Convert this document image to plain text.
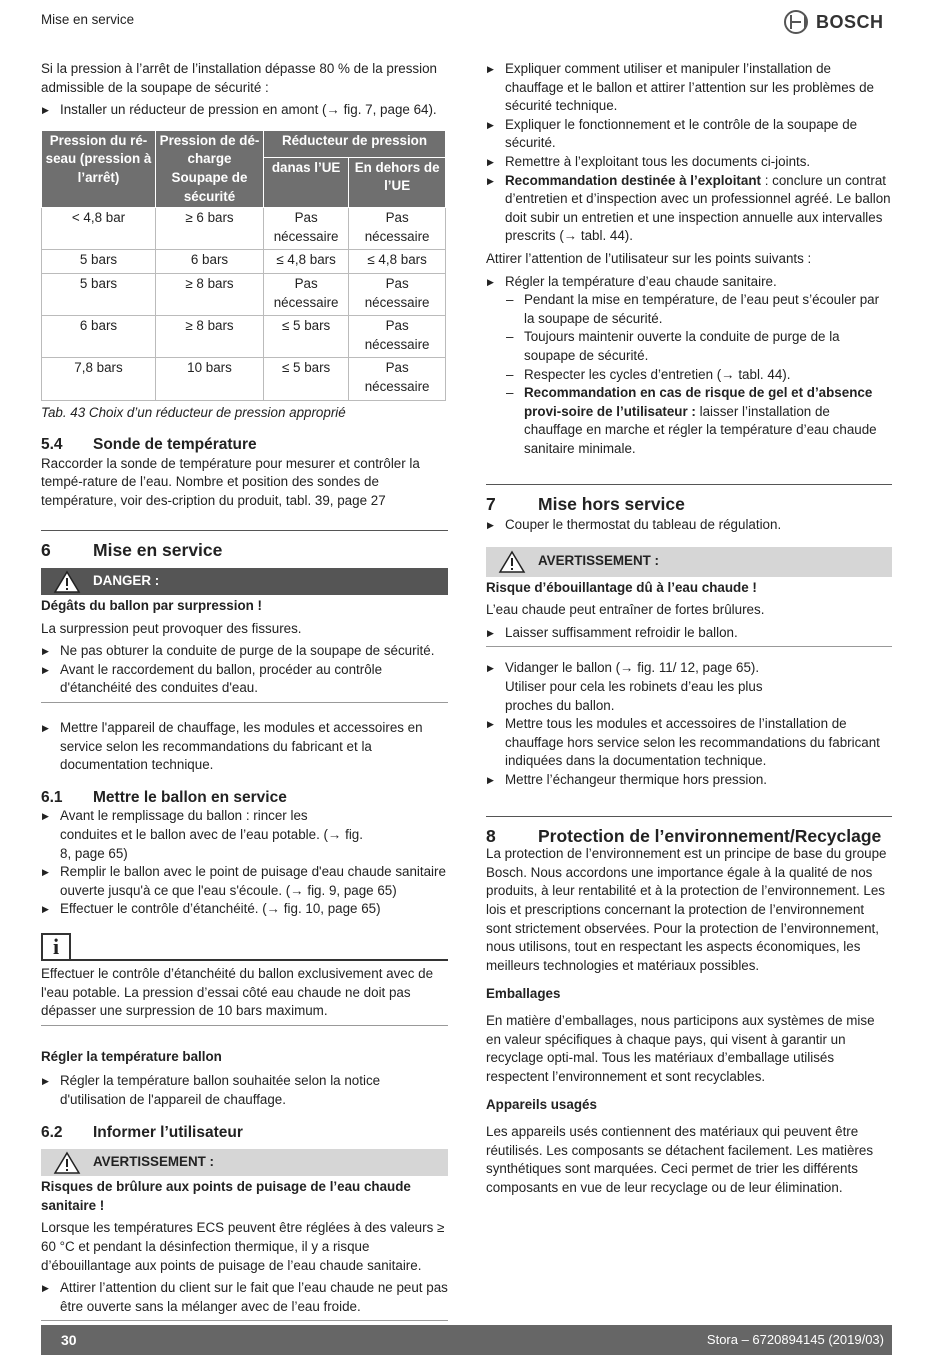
Mise en service	BOSCH

Si la pression à l’arrêt de l’installation dépasse 80 % de la pression admissible de la soupape de sécurité :

▶ Installer un réducteur de pression en amont (→ fig. 7, page 64).

Pression du ré-seau (pression à l’arrêt)	Pression de dé-charge Soupape de sécurité	Réducteur de pression	
		danas l’UE	En dehors de l’UE
< 4,8 bar	≥ 6 bars	Pas nécessaire	Pas nécessaire
5 bars	6 bars	≤ 4,8 bars	≤ 4,8 bars
5 bars	≥ 8 bars	Pas nécessaire	Pas nécessaire
6 bars	≥ 8 bars	≤ 5 bars	Pas nécessaire
7,8 bars	10 bars	≤ 5 bars	Pas nécessaire

Tab. 43 Choix d’un réducteur de pression approprié

5.4	Sonde de température

Raccorder la sonde de température pour mesurer et contrôler la tempé-rature de l’eau. Nombre et position des sondes de température, voir des-cription du produit, tabl. 39, page 27

6	Mise en service
DANGER :

Dégâts du ballon par surpression !

La surpression peut provoquer des fissures.

▶ Ne pas obturer la conduite de purge de la soupape de sécurité.

▶ Avant le raccordement du ballon, procéder au contrôle d'étanchéité des conduites d'eau.

▶ Mettre l'appareil de chauffage, les modules et accessoires en service selon les recommandations du fabricant et la documentation technique.

6.1	Mettre le ballon en service

▶ Avant le remplissage du ballon : rincer les conduites et le ballon avec de l’eau potable. (→ fig. 8, page 65)

▶ Remplir le ballon avec le point de puisage d'eau chaude sanitaire ouverte jusqu'à ce que l'eau s'écoule. (→ fig. 9, page 65)

▶ Effectuer le contrôle d’étanchéité. (→ fig. 10, page 65)

i

Effectuer le contrôle d’étanchéité du ballon exclusivement avec de l'eau potable. La pression d’essai côté eau chaude ne doit pas dépasser une surpression de 10 bars maximum.

Régler la température ballon

▶ Régler la température ballon souhaitée selon la notice d'utilisation de l'appareil de chauffage.

6.2	Informer l’utilisateur
AVERTISSEMENT :

Risques de brûlure aux points de puisage de l’eau chaude sanitaire !

Lorsque les températures ECS peuvent être réglées à des valeurs ≥ 60 °C et pendant la désinfection thermique, il y a risque d’ébouillantage aux points de puisage de l’eau chaude sanitaire.

▶ Attirer l’attention du client sur le fait que l’eau chaude ne peut pas être ouverte sans la mélanger avec de l’eau froide.

▶ Expliquer comment utiliser et manipuler l’installation de chauffage et le ballon et attirer l’attention sur les problèmes de sécurité technique.

▶ Expliquer le fonctionnement et le contrôle de la soupape de sécurité.

▶ Remettre à l’exploitant tous les documents ci-joints.

▶ Recommandation destinée à l’exploitant : conclure un contrat d’entretien et d’inspection avec un professionnel agréé. Le ballon doit subir un entretien et une inspection annuelle aux intervalles prescrits (→ tabl. 44).

Attirer l’attention de l’utilisateur sur les points suivants :

▶ Régler la température d’eau chaude sanitaire.

– Pendant la mise en température, de l’eau peut s’écouler par la soupape de sécurité.

– Toujours maintenir ouverte la conduite de purge de la soupape de sécurité.

– Respecter les cycles d’entretien (→ tabl. 44).

– Recommandation en cas de risque de gel et d’absence provi-soire de l’utilisateur : laisser l’installation de chauffage en marche et régler la température d’eau chaude sanitaire minimale.

7	Mise hors service

▶ Couper le thermostat du tableau de régulation.

AVERTISSEMENT :

Risque d’ébouillantage dû à l’eau chaude !

L’eau chaude peut entraîner de fortes brûlures.

▶ Laisser suffisamment refroidir le ballon.

▶ Vidanger le ballon (→ fig. 11/ 12, page 65). Utiliser pour cela les robinets d’eau les plus proches du ballon.

▶ Mettre tous les modules et accessoires de l’installation de chauffage hors service selon les recommandations du fabricant indiquées dans la documentation technique.

▶ Mettre l’échangeur thermique hors pression.

8	Protection de l’environnement/Recyclage

La protection de l’environnement est un principe de base du groupe Bosch. Nous accordons une importance égale à la qualité de nos produits, à leur rentabilité et à la protection de l’environnement. Les lois et prescriptions concernant la protection de l’environnement sont strictement observées. Pour la protection de l’environnement, nous utilisons, tout en respectant les aspects économiques, les meilleurs technologies et matériaux possibles.

Emballages

En matière d’emballages, nous participons aux systèmes de mise en valeur spécifiques à chaque pays, qui visent à garantir un recyclage opti-mal. Tous les matériaux d’emballage utilisés respectent l’environnement et sont recyclables.

Appareils usagés

Les appareils usés contiennent des matériaux qui peuvent être réutilisés. Les composants se détachent facilement. Les matières synthétiques sont marquées. Ceci permet de trier les différents composants en vue de leur recyclage ou de leur élimination.

30	Stora – 6720894145 (2019/03)
